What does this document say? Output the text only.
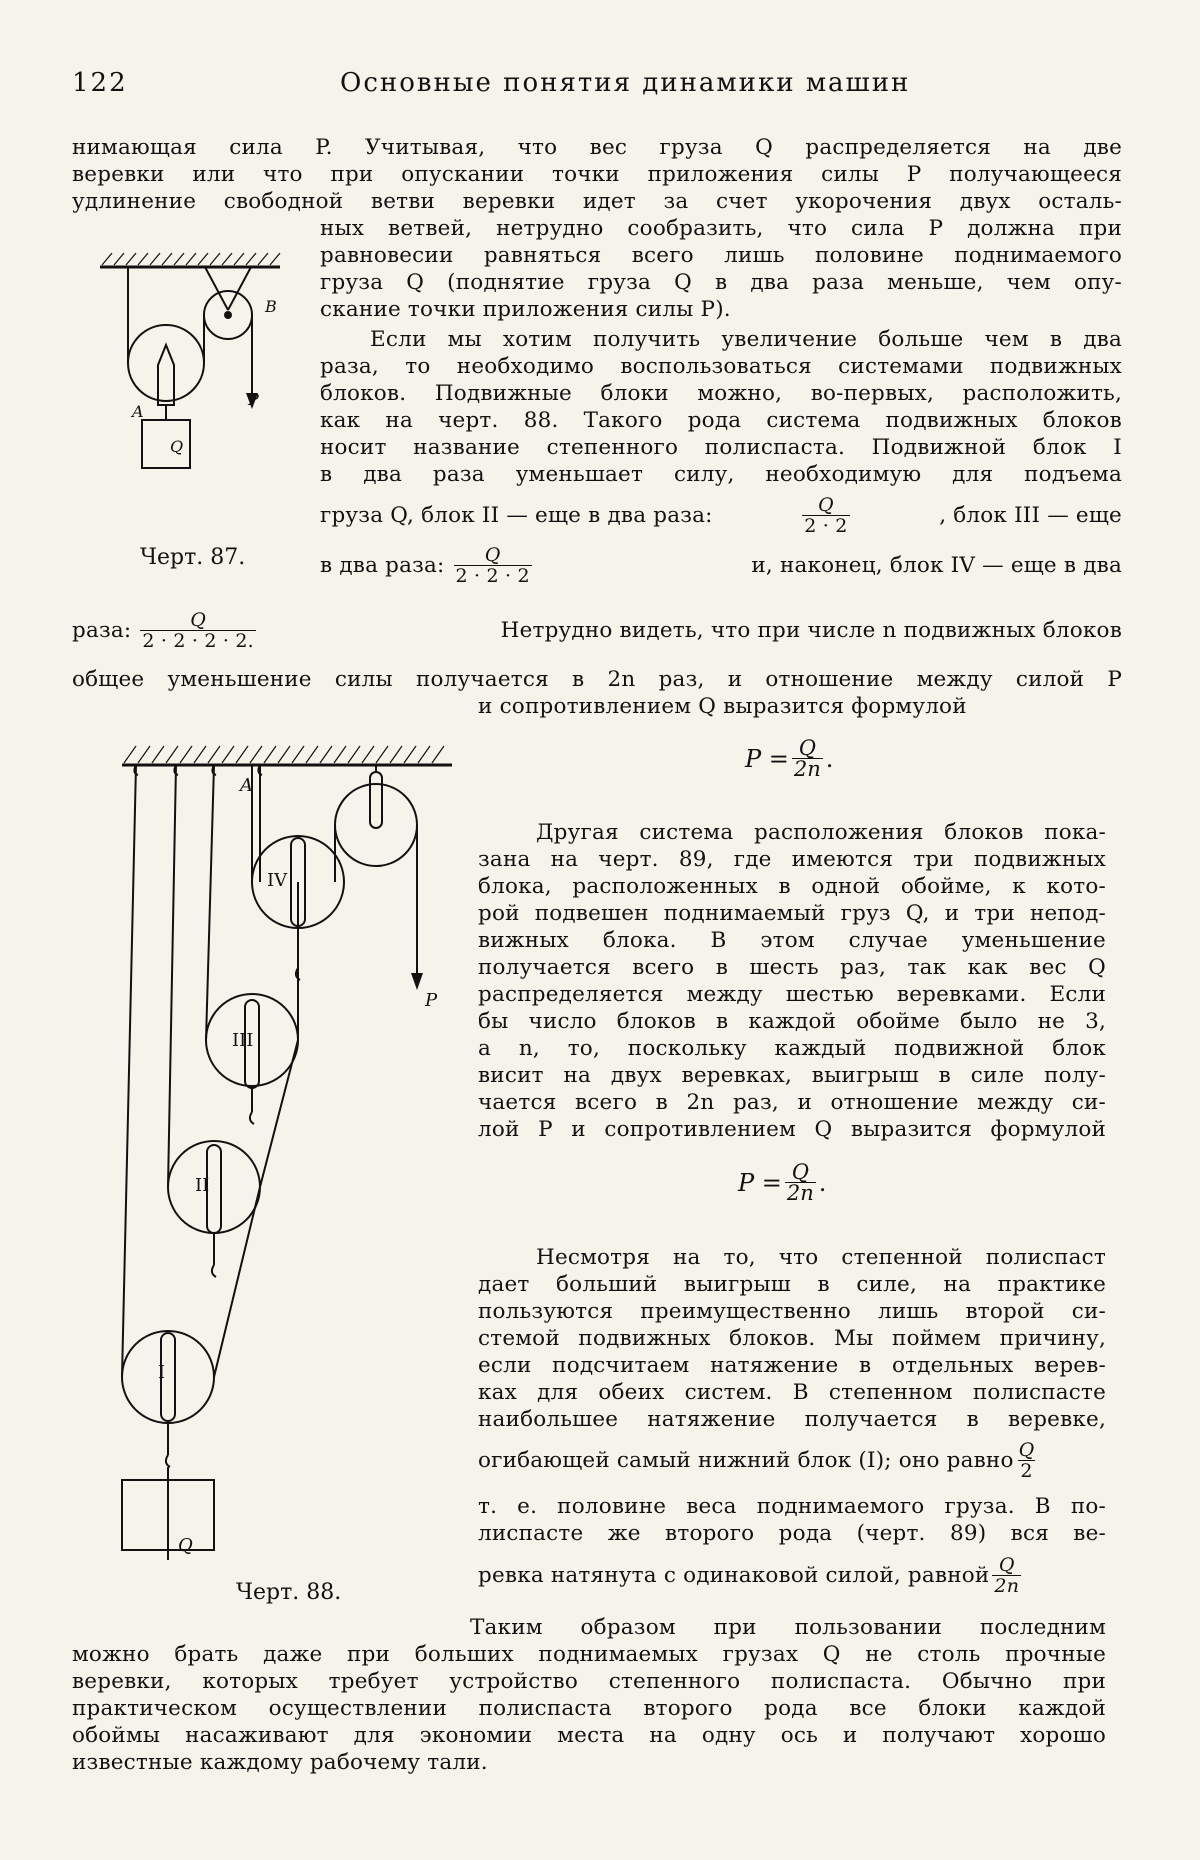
122	Основные понятия динамики машин
нимающая сила P. Учитывая, что вес груза Q распределяется на две
веревки или что при опускании точки приложения силы P получающееся
удлинение свободной ветви веревки идет за счет укорочения двух осталь-
B
A
P
Q
Черт. 87.
ных ветвей, нетрудно сообразить, что сила P должна при
равновесии равняться всего лишь половине поднимаемого
груза Q (поднятие груза Q в два раза меньше, чем опу-
скание точки приложения силы P).
Если мы хотим получить увеличение больше чем в два
раза, то необходимо воспользоваться системами подвижных
блоков. Подвижные блоки можно, во-первых, расположить,
как на черт. 88. Такого рода система подвижных блоков
носит название степенного полиспаста. Подвижной блок I
в два раза уменьшает силу, необходимую для подъема
груза Q, блок II — еще в два раза:	$\frac{Q}{2 \cdot 2}$	, блок III — еще
в два раза: $\frac{Q}{2 \cdot 2 \cdot 2}$	и, наконец, блок IV — еще в два
раза: $\frac{Q}{2 \cdot 2 \cdot 2 \cdot 2.}$	Нетрудно видеть, что при числе n подвижных блоков
общее уменьшение силы получается в 2n раз, и отношение между силой P
и сопротивлением Q выразится формулой
$P = \frac{Q}{2n}$ .
A
P
Q
I
II
III
IV
Черт. 88.
Другая система расположения блоков пока-
зана на черт. 89, где имеются три подвижных
блока, расположенных в одной обойме, к кото-
рой подвешен поднимаемый груз Q, и три непод-
вижных блока. В этом случае уменьшение
получается всего в шесть раз, так как вес Q
распределяется между шестью веревками. Если
бы число блоков в каждой обойме было не 3,
а n, то, поскольку каждый подвижной блок
висит на двух веревках, выигрыш в силе полу-
чается всего в 2n раз, и отношение между си-
лой P и сопротивлением Q выразится формулой
$P = \frac{Q}{2n}$ .
Несмотря на то, что степенной полиспаст
дает больший выигрыш в силе, на практике
пользуются преимущественно лишь второй си-
стемой подвижных блоков. Мы поймем причину,
если подсчитаем натяжение в отдельных верев-
ках для обеих систем. В степенном полиспасте
наибольшее натяжение получается в веревке,
огибающей самый нижний блок (I); оно равно $\frac{Q}{2}$
т. е. половине веса поднимаемого груза. В по-
лиспасте же второго рода (черт. 89) вся ве-
ревка натянута с одинаковой силой, равной $\frac{Q}{2n}$
Таким образом при пользовании последним
можно брать даже при больших поднимаемых грузах Q не столь прочные
веревки, которых требует устройство степенного полиспаста. Обычно при
практическом осуществлении полиспаста второго рода все блоки каждой
обоймы насаживают для экономии места на одну ось и получают хорошо
известные каждому рабочему тали.
